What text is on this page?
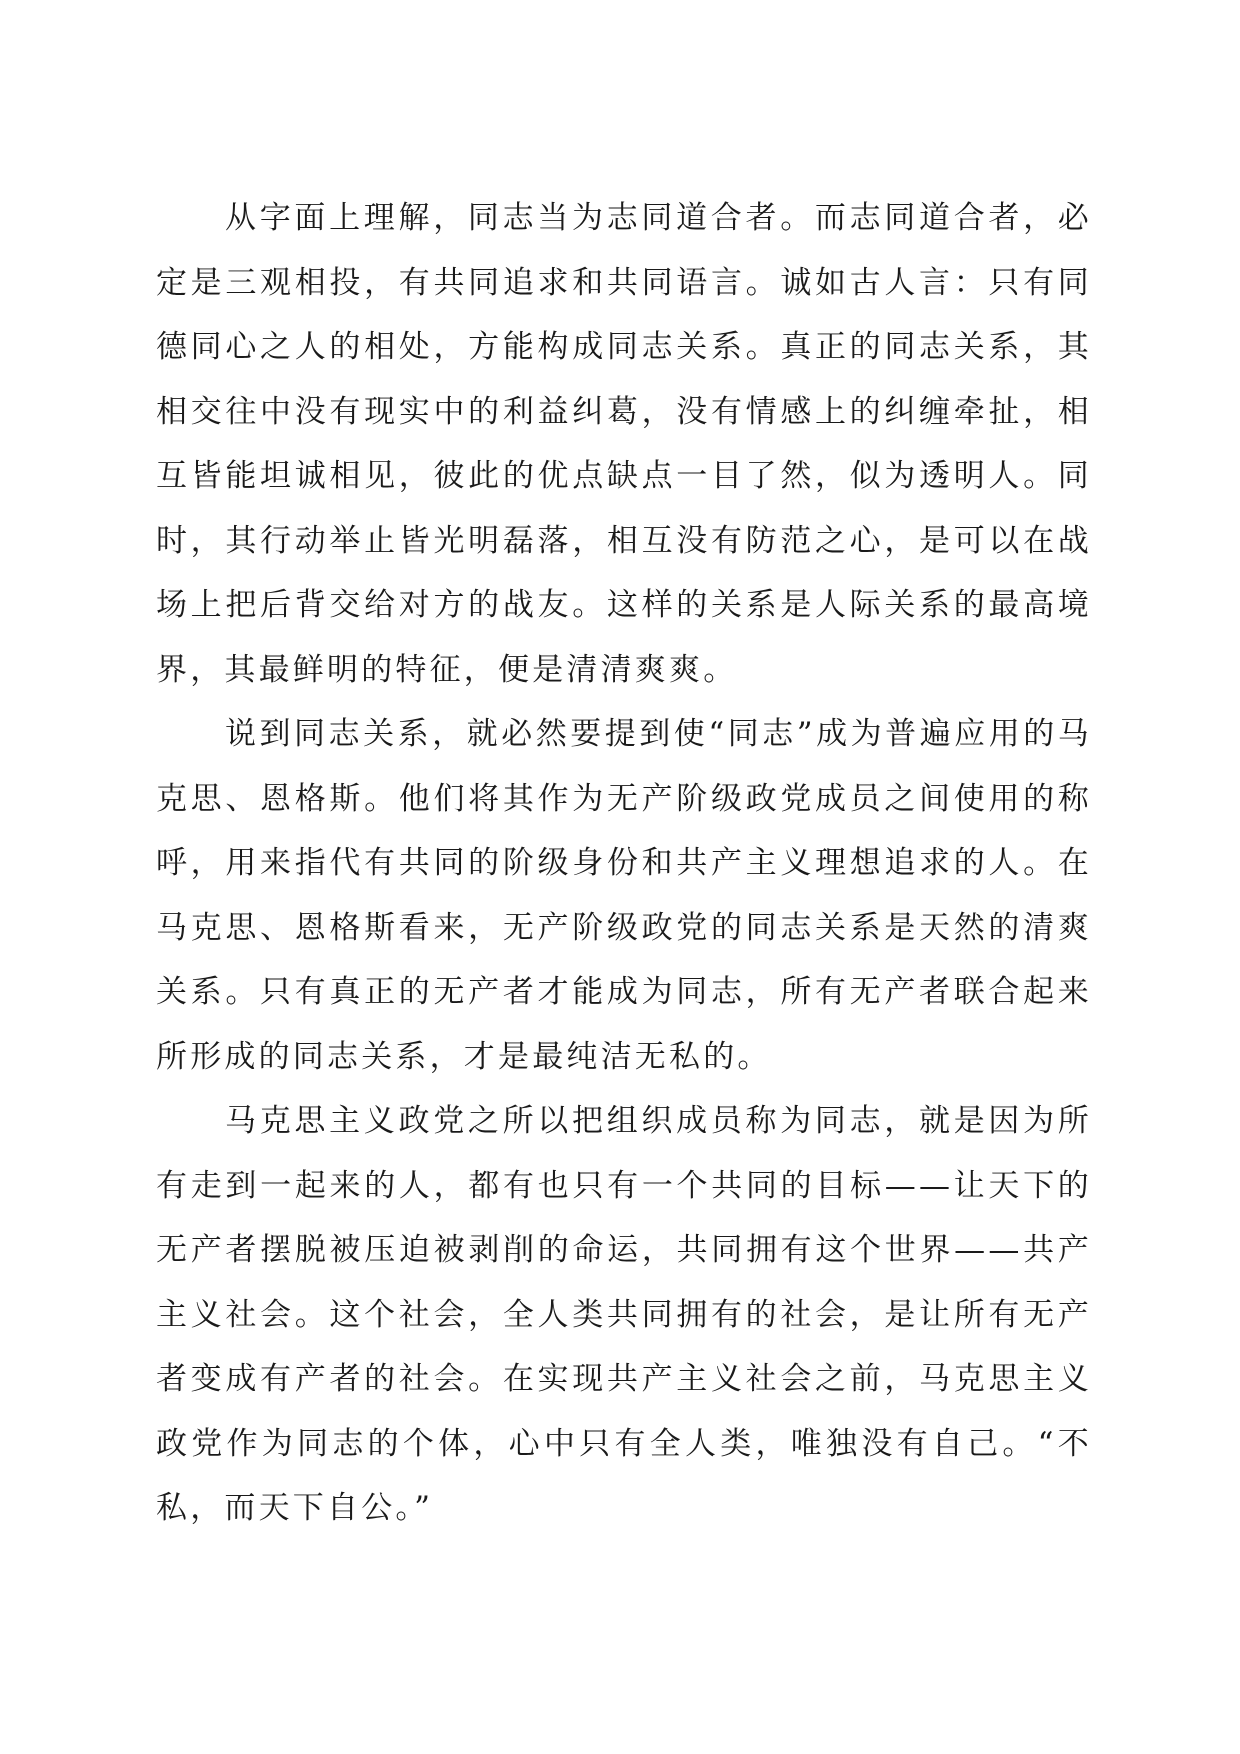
从字面上理解，同志当为志同道合者。而志同道合者，必定是三观相投，有共同追求和共同语言。诚如古人言：只有同德同心之人的相处，方能构成同志关系。真正的同志关系，其相交往中没有现实中的利益纠葛，没有情感上的纠缠牵扯，相互皆能坦诚相见，彼此的优点缺点一目了然，似为透明人。同时，其行动举止皆光明磊落，相互没有防范之心，是可以在战场上把后背交给对方的战友。这样的关系是人际关系的最高境界，其最鲜明的特征，便是清清爽爽。

说到同志关系，就必然要提到使“同志”成为普遍应用的马克思、恩格斯。他们将其作为无产阶级政党成员之间使用的称呼，用来指代有共同的阶级身份和共产主义理想追求的人。在马克思、恩格斯看来，无产阶级政党的同志关系是天然的清爽关系。只有真正的无产者才能成为同志，所有无产者联合起来所形成的同志关系，才是最纯洁无私的。

马克思主义政党之所以把组织成员称为同志，就是因为所有走到一起来的人，都有也只有一个共同的目标——让天下的无产者摆脱被压迫被剥削的命运，共同拥有这个世界——共产主义社会。这个社会，全人类共同拥有的社会，是让所有无产者变成有产者的社会。在实现共产主义社会之前，马克思主义政党作为同志的个体，心中只有全人类，唯独没有自己。“不私，而天下自公。”
